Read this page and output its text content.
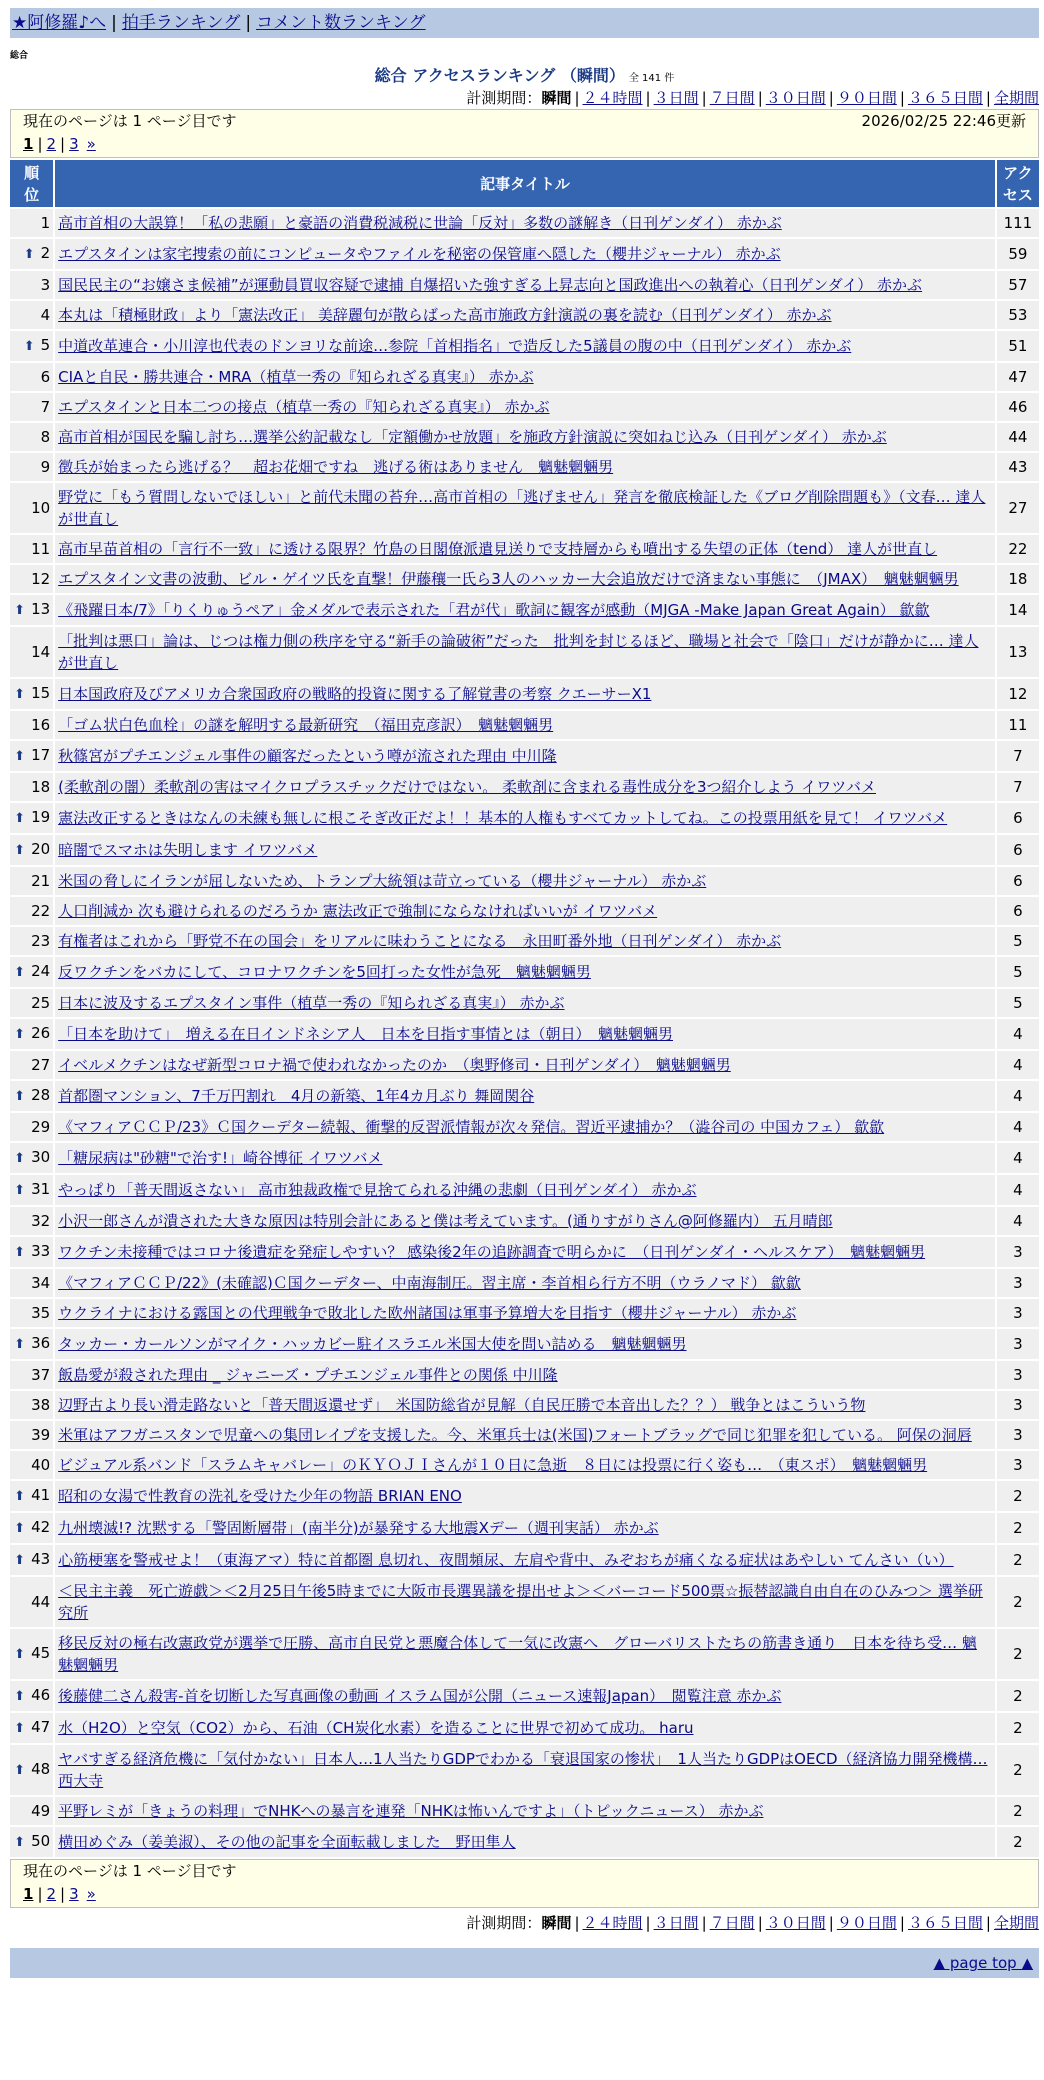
★阿修羅♪へ | 拍手ランキング | コメント数ランキング
総合
総合 アクセスランキング （瞬間） 全 141 件
計測期間：瞬間 | ２４時間 | ３日間 | ７日間 | ３０日間 | ９０日間 | ３６５日間 | 全期間
現在のページは 1 ページ目です	2026/02/25 22:46更新
1 | 2 | 3 »
順位	記事タイトル	アクセス

1	高市首相の大誤算！「私の悲願」と豪語の消費税減税に世論「反対」多数の謎解き（日刊ゲンダイ） 赤かぶ	111
⬆ 2	エプスタインは家宅捜索の前にコンピュータやファイルを秘密の保管庫へ隠した（櫻井ジャーナル） 赤かぶ	59
3	国民民主の“お嬢さま候補”が運動員買収容疑で逮捕 自爆招いた強すぎる上昇志向と国政進出への執着心（日刊ゲンダイ） 赤かぶ	57
4	本丸は「積極財政」より「憲法改正」 美辞麗句が散らばった高市施政方針演説の裏を読む（日刊ゲンダイ） 赤かぶ	53
⬆ 5	中道改革連合・小川淳也代表のドンヨリな前途…参院「首相指名」で造反した5議員の腹の中（日刊ゲンダイ） 赤かぶ	51
6	CIAと自民・勝共連合・MRA（植草一秀の『知られざる真実』） 赤かぶ	47
7	エプスタインと日本二つの接点（植草一秀の『知られざる真実』） 赤かぶ	46
8	高市首相が国民を騙し討ち…選挙公約記載なし「定額働かせ放題」を施政方針演説に突如ねじ込み（日刊ゲンダイ） 赤かぶ	44
9	徴兵が始まったら逃げる？　超お花畑ですね　逃げる術はありません　魑魅魍魎男	43
10	野党に「もう質問しないでほしい」と前代未聞の苔弁…高市首相の「逃げません」発言を徹底検証した《ブログ削除問題も》（文春… 達人が世直し	27
11	高市早苗首相の「言行不一致」に透ける限界？竹島の日閣僚派遣見送りで支持層からも噴出する失望の正体（tend） 達人が世直し	22
12	エプスタイン文書の波動、ビル・ゲイツ氏を直撃！伊藤穰一氏ら3人のハッカー大会追放だけで済まない事態に　（JMAX）　魑魅魍魎男	18
⬆ 13	《飛躍日本/7》「りくりゅうペア」金メダルで表示された「君が代」歌詞に観客が感動（MJGA -Make Japan Great Again） 歙歙	14
14	「批判は悪口」論は、じつは権力側の秩序を守る“新手の論破術”だった　批判を封じるほど、職場と社会で「陰口」だけが静かに… 達人が世直し	13
⬆ 15	日本国政府及びアメリカ合衆国政府の戦略的投資に関する了解覚書の考察 クエーサーX1	12
16	「ゴム状白色血栓」の謎を解明する最新研究　（福田克彦訳）　魑魅魍魎男	11
⬆ 17	秋篠宮がプチエンジェル事件の顧客だったという噂が流された理由 中川隆	7
18	(柔軟剤の闇）柔軟剤の害はマイクロプラスチックだけではない。 柔軟剤に含まれる毒性成分を3つ紹介しよう イワツバメ	7
⬆ 19	憲法改正するときはなんの未練も無しに根こそぎ改正だよ！！基本的人権もすべてカットしてね。この投票用紙を見て！ イワツバメ	6
⬆ 20	暗闇でスマホは失明します イワツバメ	6
21	米国の脅しにイランが屈しないため、トランプ大統領は苛立っている（櫻井ジャーナル） 赤かぶ	6
22	人口削減か 次も避けられるのだろうか 憲法改正で強制にならなければいいが イワツバメ	6
23	有権者はこれから「野党不在の国会」をリアルに味わうことになる　永田町番外地（日刊ゲンダイ） 赤かぶ	5
⬆ 24	反ワクチンをバカにして、コロナワクチンを5回打った女性が急死　魑魅魍魎男	5
25	日本に波及するエプスタイン事件（植草一秀の『知られざる真実』） 赤かぶ	5
⬆ 26	「日本を助けて」　増える在日インドネシア人　日本を目指す事情とは（朝日）　魑魅魍魎男	4
27	イベルメクチンはなぜ新型コロナ禍で使われなかったのか　（奥野修司・日刊ゲンダイ）　魑魅魍魎男	4
⬆ 28	首都圏マンション、7千万円割れ　4月の新築、1年4カ月ぶり 舞岡関谷	4
29	《マフィアＣＣＰ/23》Ｃ国クーデター続報、衝撃的反習派情報が次々発信。習近平逮捕か？（澁谷司の 中国カフェ） 歙歙	4
⬆ 30	「糖尿病は"砂糖"で治す!」崎谷博征 イワツバメ	4
⬆ 31	やっぱり「普天間返さない」 高市独裁政権で見捨てられる沖縄の悲劇（日刊ゲンダイ） 赤かぶ	4
32	小沢一郎さんが潰された大きな原因は特別会計にあると僕は考えています。(通りすがりさん@阿修羅内） 五月晴郎	4
⬆ 33	ワクチン未接種ではコロナ後遺症を発症しやすい？ 感染後2年の追跡調査で明らかに　（日刊ゲンダイ・ヘルスケア）　魑魅魍魎男	3
34	《マフィアＣＣＰ/22》(未確認)Ｃ国クーデター、中南海制圧。習主席・李首相ら行方不明（ウラノマド） 歙歙	3
35	ウクライナにおける露国との代理戦争で敗北した欧州諸国は軍事予算増大を目指す（櫻井ジャーナル） 赤かぶ	3
⬆ 36	タッカー・カールソンがマイク・ハッカビー駐イスラエル米国大使を問い詰める　魑魅魍魎男	3
37	飯島愛が殺された理由 _ ジャニーズ・プチエンジェル事件との関係 中川隆	3
38	辺野古より長い滑走路ないと「普天間返還せず」　米国防総省が見解（自民圧勝で本音出した？？） 戦争とはこういう物	3
39	米軍はアフガニスタンで児童への集団レイプを支援した。今、米軍兵士は(米国)フォートブラッグで同じ犯罪を犯している。 阿保の洞唇	3
40	ビジュアル系バンド「スラムキャバレー」のＫＹＯＪＩさんが１０日に急逝　８日には投票に行く姿も…　（東スポ）　魑魅魍魎男	3
⬆ 41	昭和の女湯で性教育の洗礼を受けた少年の物語 BRIAN ENO	2
⬆ 42	九州壊滅!? 沈黙する「警固断層帯」(南半分)が暴発する大地震Xデー（週刊実話） 赤かぶ	2
⬆ 43	心筋梗塞を警戒せよ！（東海アマ）特に首都圏 息切れ、夜間頻尿、左肩や背中、みぞおちが痛くなる症状はあやしい てんさい（い）	2
44	＜民主主義　死亡遊戯＞＜2月25日午後5時までに大阪市長選異議を提出せよ＞＜バーコード500票☆振替認識自由自在のひみつ＞ 選挙研究所	2
⬆ 45	移民反対の極右改憲政党が選挙で圧勝、高市自民党と悪魔合体して一気に改憲へ　グローバリストたちの筋書き通り　日本を待ち受… 魑魅魍魎男	2
⬆ 46	後藤健二さん殺害-首を切断した写真画像の動画 イスラム国が公開（ニュース速報Japan）　閲覧注意 赤かぶ	2
⬆ 47	水（H2O）と空気（CO2）から、石油（CH炭化水素）を造ることに世界で初めて成功。 haru	2
⬆ 48	ヤバすぎる経済危機に「気付かない」日本人…1人当たりGDPでわかる「衰退国家の惨状」　1人当たりGDPはOECD（経済協力開発機構… 西大寺	2
49	平野レミが「きょうの料理」でNHKへの暴言を連発「NHKは怖いんですよ」（トピックニュース） 赤かぶ	2
⬆ 50	横田めぐみ（姜美淑）、その他の記事を全面転載しました　野田隼人	2
現在のページは 1 ページ目です
1 | 2 | 3 »
計測期間：瞬間 | ２４時間 | ３日間 | ７日間 | ３０日間 | ９０日間 | ３６５日間 | 全期間
▲ page top ▲
